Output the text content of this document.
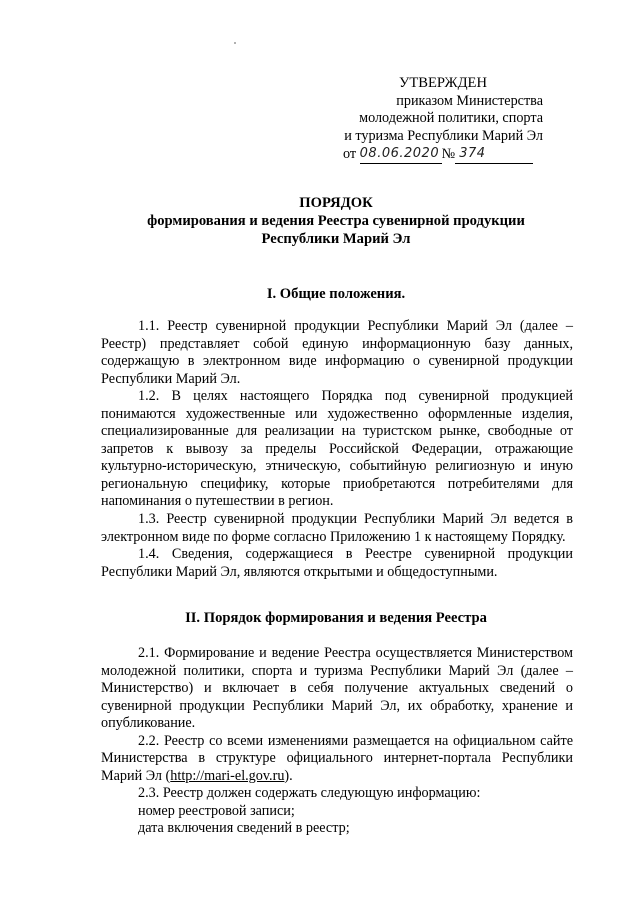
УТВЕРЖДЕН
приказом Министерства
молодежной политики, спорта
и туризма Республики Марий Эл
от
08.06.2020 № 374
ПОРЯДОК
формирования и ведения Реестра сувенирной продукции
Республики Марий Эл
I. Общие положения.

1.1. Реестр сувенирной продукции Республики Марий Эл (далее – Реестр) представляет собой единую информационную базу данных, содержащую в электронном виде информацию о сувенирной продукции Республики Марий Эл.

1.2. В целях настоящего Порядка под сувенирной продукцией понимаются художественные или художественно оформленные изделия, специализированные для реализации на туристском рынке, свободные от запретов к вывозу за пределы Российской Федерации, отражающие культурно-историческую, этническую, событийную религиозную и иную региональную специфику, которые приобретаются потребителями для напоминания о путешествии в регион.

1.3. Реестр сувенирной продукции Республики Марий Эл ведется в электронном виде по форме согласно Приложению 1 к настоящему Порядку.

1.4. Сведения, содержащиеся в Реестре сувенирной продукции Республики Марий Эл, являются открытыми и общедоступными.

II. Порядок формирования и ведения Реестра

2.1. Формирование и ведение Реестра осуществляется Министерством молодежной политики, спорта и туризма Республики Марий Эл (далее – Министерство) и включает в себя получение актуальных сведений о сувенирной продукции Республики Марий Эл, их обработку, хранение и опубликование.

2.2. Реестр со всеми изменениями размещается на официальном сайте Министерства в структуре официального интернет-портала Республики Марий Эл (http://mari-el.gov.ru).

2.3. Реестр должен содержать следующую информацию:

номер реестровой записи;

дата включения сведений в реестр;
